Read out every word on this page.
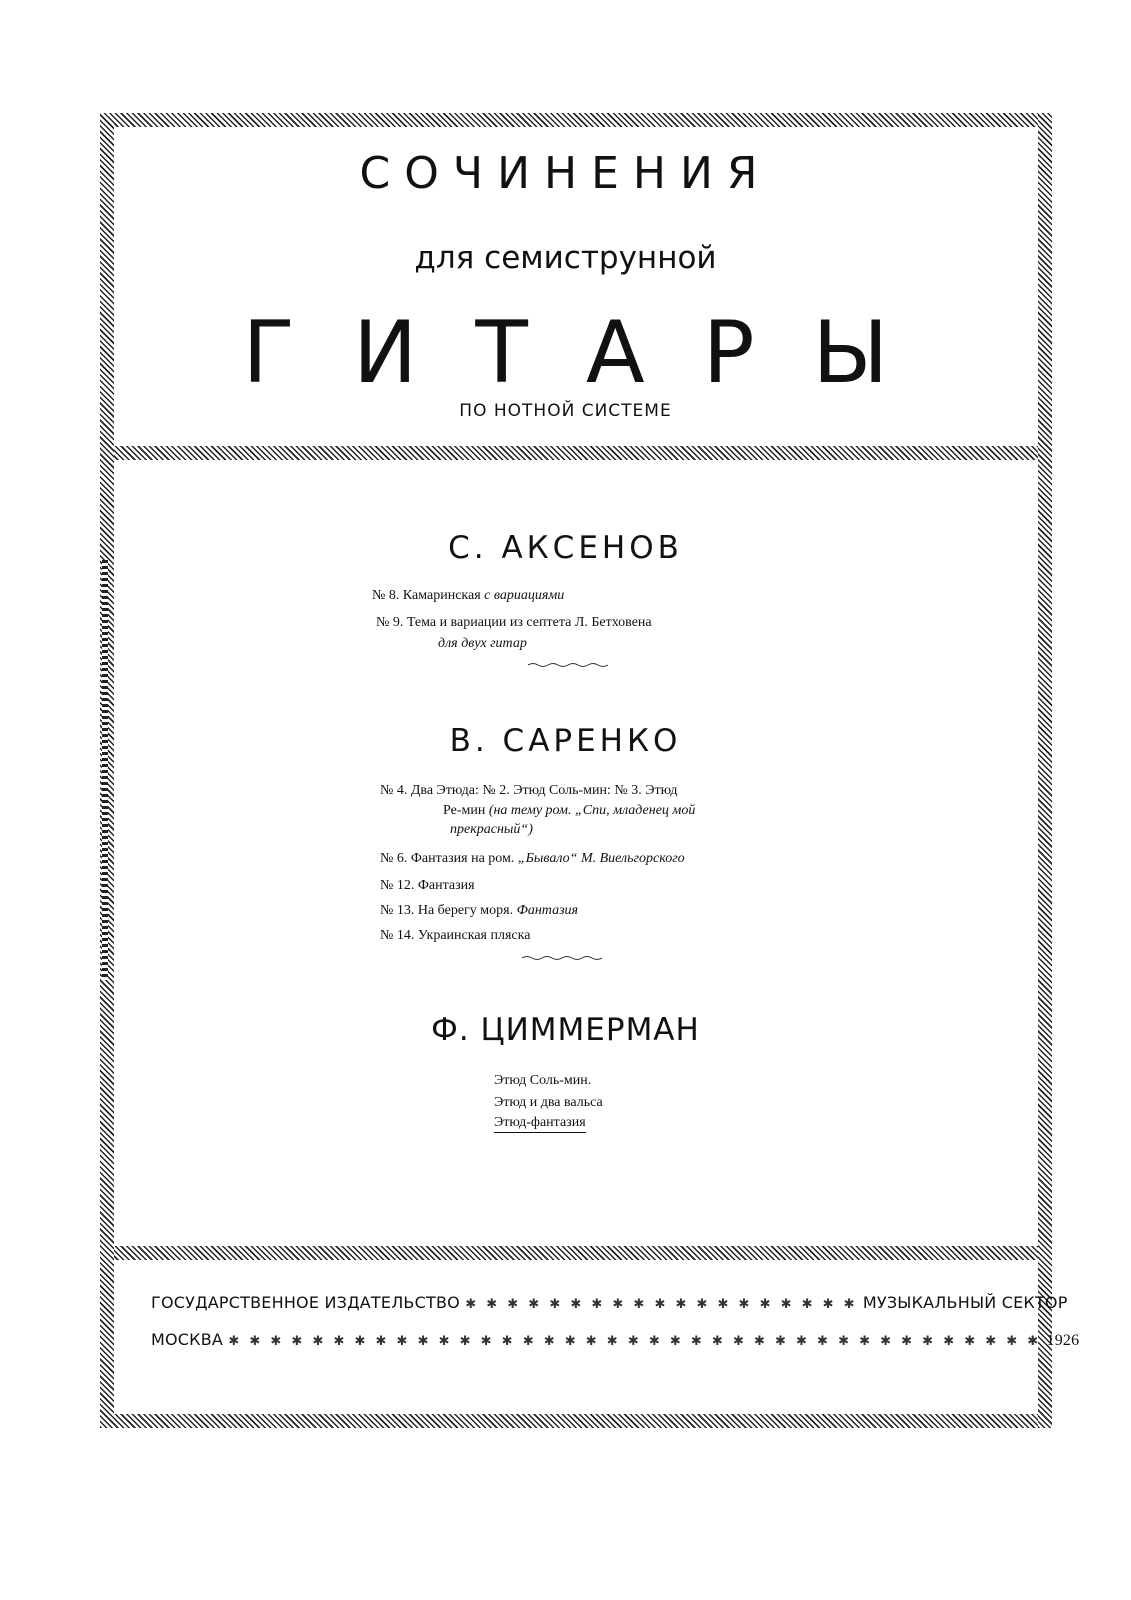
СОЧИНЕНИЯ
для семиструнной
ГИТАРЫ
ПО НОТНОЙ СИСТЕМЕ
С. АКСЕНОВ
№ 8. Камаринская с вариациями
№ 9. Тема и вариации из септета Л. Бетховена
для двух гитар
В. САРЕНКО
№ 4. Два Этюда: № 2. Этюд Соль-мин: № 3. Этюд
Ре-мин (на тему ром. „Спи, младенец мой
прекрасный“)
№ 6. Фантазия на ром. „Бывало“ М. Виельгорского
№ 12. Фантазия
№ 13. На берегу моря. Фантазия
№ 14. Украинская пляска
Ф. ЦИММЕРМАН
Этюд Соль-мин.
Этюд и два вальса
Этюд-фантазия
ГОСУДАРСТВЕННОЕ ИЗДАТЕЛЬСТВО ✱ ✱ ✱ ✱ ✱ ✱ ✱ ✱ ✱ ✱ ✱ ✱ ✱ ✱ ✱ ✱ ✱ ✱ ✱ МУЗЫКАЛЬНЫЙ СЕКТОР
МОСКВА ✱ ✱ ✱ ✱ ✱ ✱ ✱ ✱ ✱ ✱ ✱ ✱ ✱ ✱ ✱ ✱ ✱ ✱ ✱ ✱ ✱ ✱ ✱ ✱ ✱ ✱ ✱ ✱ ✱ ✱ ✱ ✱ ✱ ✱ ✱ ✱ ✱ ✱ ✱ 1926
